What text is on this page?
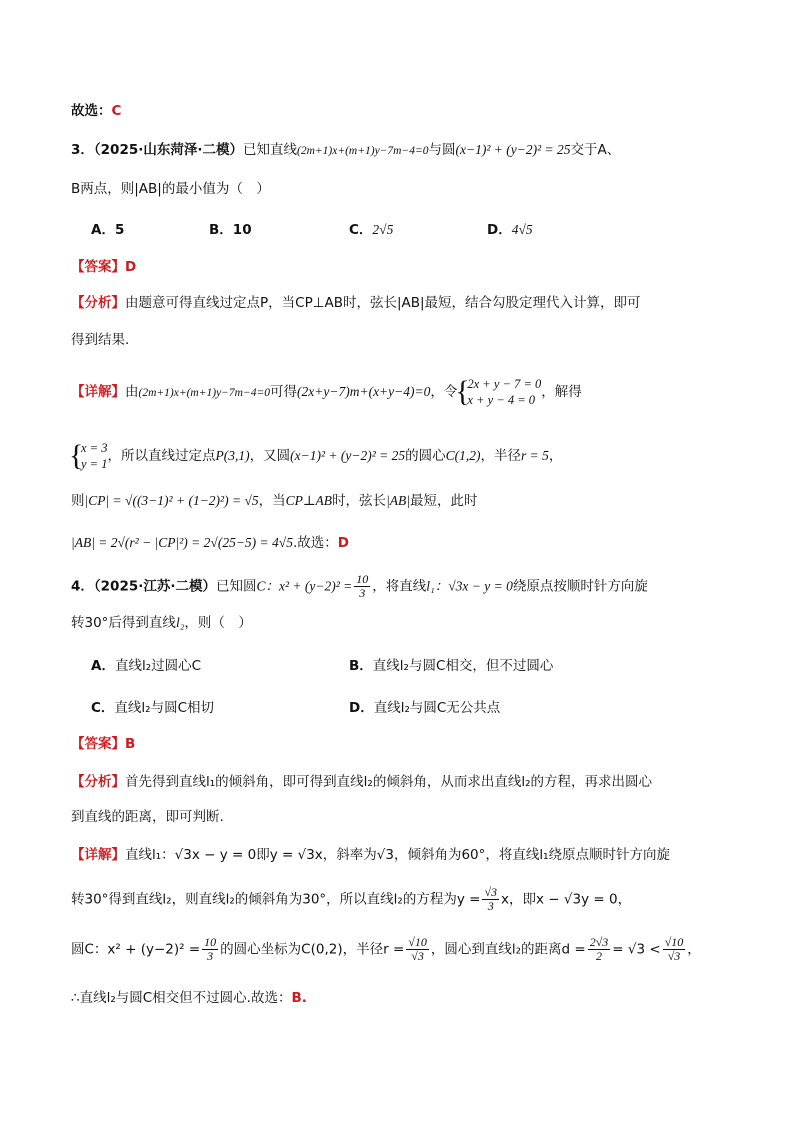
故选：C
3．（2025·山东菏泽·二模）已知直线(2m+1)x+(m+1)y−7m−4=0与圆(x−1)² + (y−2)² = 25交于A、
B两点，则|AB|的最小值为（　）
A．5	B．10	C．2√5	D．4√5
【答案】D
【分析】由题意可得直线过定点P，当CP⊥AB时，弦长|AB|最短，结合勾股定理代入计算，即可
得到结果.
【详解】由(2m+1)x+(m+1)y−7m−4=0可得(2x+y−7)m+(x+y−4)=0，令
{ 2x + y − 7 = 0
x + y − 4 = 0 ，解得
{ x = 3
y = 1 ，所以直线过定点P(3,1)，又圆(x−1)² + (y−2)² = 25的圆心C(1,2)，半径r = 5，
则|CP| = √((3−1)² + (1−2)²) = √5，当CP⊥AB时，弦长|AB|最短，此时
|AB| = 2√(r² − |CP|²) = 2√(25−5) = 4√5.故选：D
4．（2025·江苏·二模）已知圆C：$x^2 + (y-2)^2 = \frac{10}{3}$ ，将直线l₁：√3x − y = 0绕原点按顺时针方向旋
转30°后得到直线l₂，则（　）
A．直线l₂过圆心C	B．直线l₂与圆C相交，但不过圆心
C．直线l₂与圆C相切	D．直线l₂与圆C无公共点
【答案】B
【分析】首先得到直线l₁的倾斜角，即可得到直线l₂的倾斜角，从而求出直线l₂的方程，再求出圆心
到直线的距离，即可判断.
【详解】直线l₁：√3x − y = 0即y = √3x，斜率为√3，倾斜角为60°，将直线l₁绕原点顺时针方向旋
转30°得到直线l₂，则直线l₂的倾斜角为30°，所以直线l₂的方程为$y = \frac{√3}{3}$ x，即x − √3y = 0，
圆C：$x^2 + (y-2)^2 = \frac{10}{3}$ 的圆心坐标为C(0,2)，半径$r = \frac{√10}{√3}$ ，圆心到直线l₂的距离$d = \frac{2√3}{2} = √3 < \frac{√10}{√3}$ ，
∴直线l₂与圆C相交但不过圆心.故选：B.
